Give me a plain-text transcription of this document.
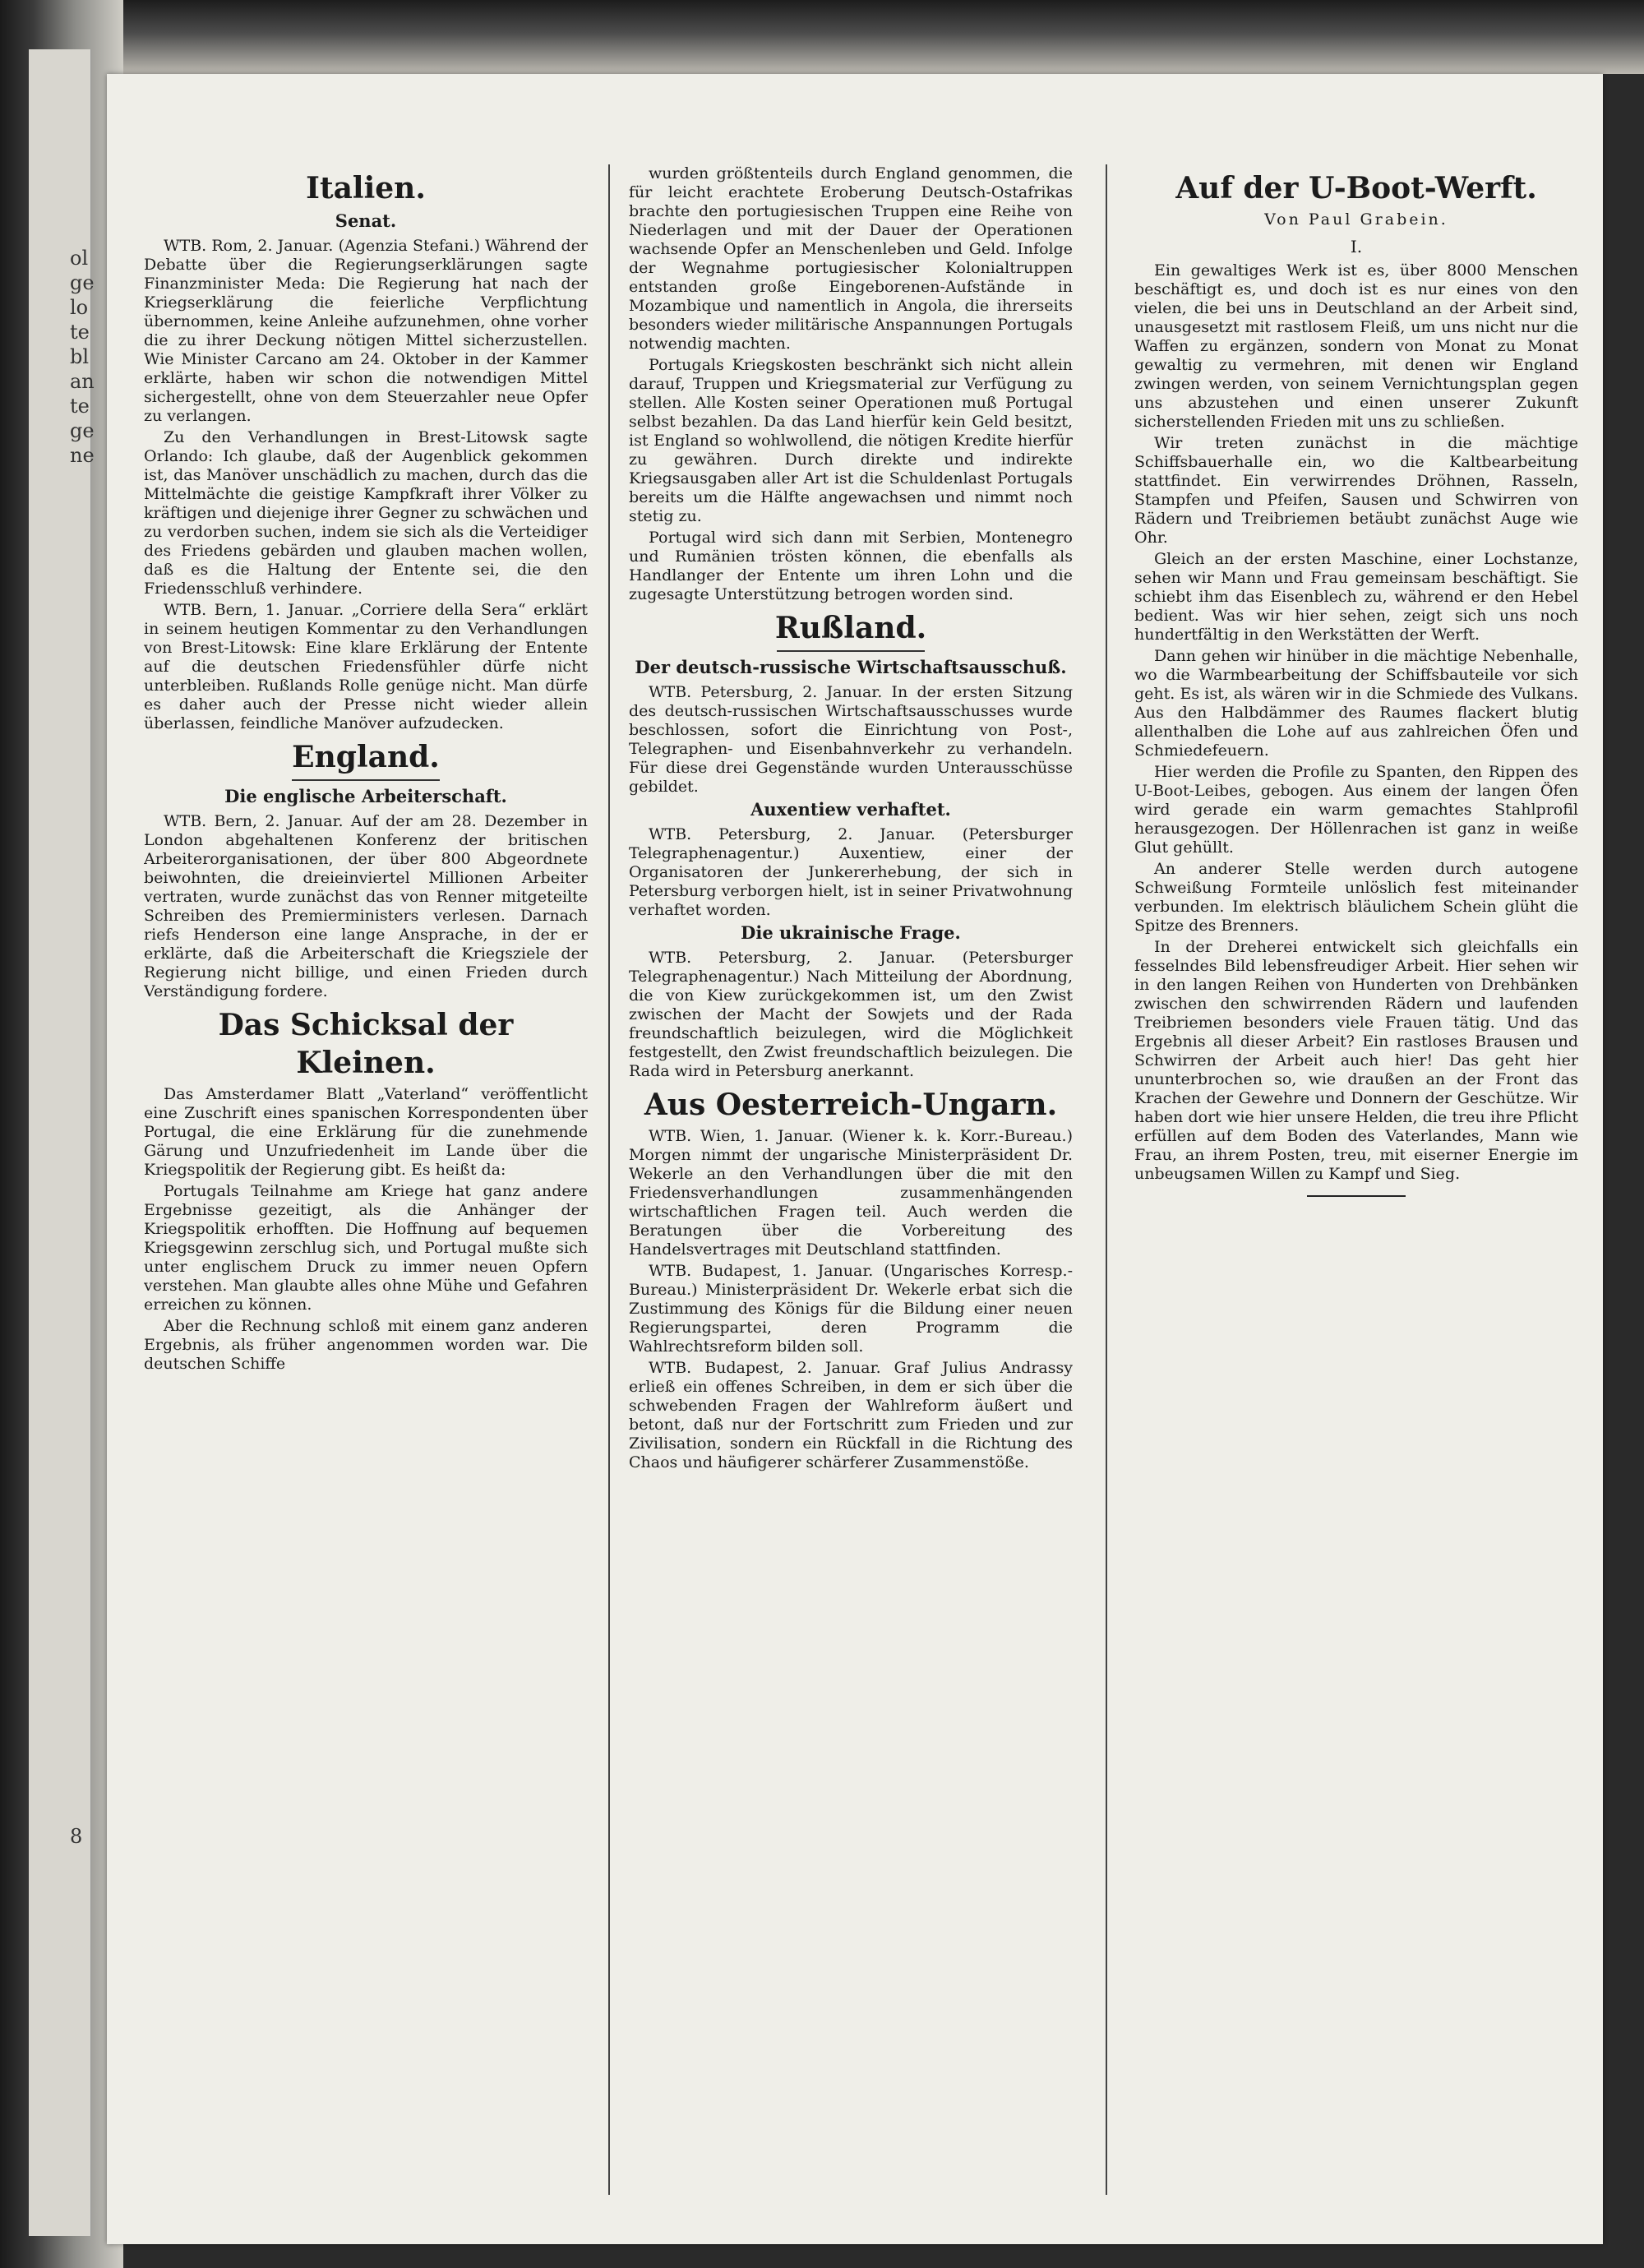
ol
ge
lo
te
bl
an
te
ge
ne
8
Italien.
Senat.

WTB. Rom, 2. Januar. (Agenzia Stefani.) Während der Debatte über die Regierungserklärungen sagte Finanzminister Meda: Die Regierung hat nach der Kriegserklärung die feierliche Verpflichtung übernommen, keine Anleihe aufzunehmen, ohne vorher die zu ihrer Deckung nötigen Mittel sicherzustellen. Wie Minister Carcano am 24. Oktober in der Kammer erklärte, haben wir schon die notwendigen Mittel sichergestellt, ohne von dem Steuerzahler neue Opfer zu verlangen.

Zu den Verhandlungen in Brest-Litowsk sagte Orlando: Ich glaube, daß der Augenblick gekommen ist, das Manöver unschädlich zu machen, durch das die Mittelmächte die geistige Kampfkraft ihrer Völker zu kräftigen und diejenige ihrer Gegner zu schwächen und zu verdorben suchen, indem sie sich als die Verteidiger des Friedens gebärden und glauben machen wollen, daß es die Haltung der Entente sei, die den Friedensschluß verhindere.

WTB. Bern, 1. Januar. „Corriere della Sera“ erklärt in seinem heutigen Kommentar zu den Verhandlungen von Brest-Litowsk: Eine klare Erklärung der Entente auf die deutschen Friedensfühler dürfe nicht unterbleiben. Rußlands Rolle genüge nicht. Man dürfe es daher auch der Presse nicht wieder allein überlassen, feindliche Manöver aufzudecken.

England.
Die englische Arbeiterschaft.

WTB. Bern, 2. Januar. Auf der am 28. Dezember in London abgehaltenen Konferenz der britischen Arbeiterorganisationen, der über 800 Abgeordnete beiwohnten, die dreieinviertel Millionen Arbeiter vertraten, wurde zunächst das von Renner mitgeteilte Schreiben des Premierministers verlesen. Darnach riefs Henderson eine lange Ansprache, in der er erklärte, daß die Arbeiterschaft die Kriegsziele der Regierung nicht billige, und einen Frieden durch Verständigung fordere.

Das Schicksal der Kleinen.

Das Amsterdamer Blatt „Vaterland“ veröffentlicht eine Zuschrift eines spanischen Korrespondenten über Portugal, die eine Erklärung für die zunehmende Gärung und Unzufriedenheit im Lande über die Kriegspolitik der Regierung gibt. Es heißt da:

Portugals Teilnahme am Kriege hat ganz andere Ergebnisse gezeitigt, als die Anhänger der Kriegspolitik erhofften. Die Hoffnung auf bequemen Kriegsgewinn zerschlug sich, und Portugal mußte sich unter englischem Druck zu immer neuen Opfern verstehen. Man glaubte alles ohne Mühe und Gefahren erreichen zu können.

Aber die Rechnung schloß mit einem ganz anderen Ergebnis, als früher angenommen worden war. Die deutschen Schiffe

wurden größtenteils durch England genommen, die für leicht erachtete Eroberung Deutsch-Ostafrikas brachte den portugiesischen Truppen eine Reihe von Niederlagen und mit der Dauer der Operationen wachsende Opfer an Menschenleben und Geld. Infolge der Wegnahme portugiesischer Kolonialtruppen entstanden große Eingeborenen-Aufstände in Mozambique und namentlich in Angola, die ihrerseits besonders wieder militärische Anspannungen Portugals notwendig machten.

Portugals Kriegskosten beschränkt sich nicht allein darauf, Truppen und Kriegsmaterial zur Verfügung zu stellen. Alle Kosten seiner Operationen muß Portugal selbst bezahlen. Da das Land hierfür kein Geld besitzt, ist England so wohlwollend, die nötigen Kredite hierfür zu gewähren. Durch direkte und indirekte Kriegsausgaben aller Art ist die Schuldenlast Portugals bereits um die Hälfte angewachsen und nimmt noch stetig zu.

Portugal wird sich dann mit Serbien, Montenegro und Rumänien trösten können, die ebenfalls als Handlanger der Entente um ihren Lohn und die zugesagte Unterstützung betrogen worden sind.

Rußland.
Der deutsch-russische Wirtschaftsausschuß.

WTB. Petersburg, 2. Januar. In der ersten Sitzung des deutsch-russischen Wirtschaftsausschusses wurde beschlossen, sofort die Einrichtung von Post-, Telegraphen- und Eisenbahnverkehr zu verhandeln. Für diese drei Gegenstände wurden Unterausschüsse gebildet.

Auxentiew verhaftet.

WTB. Petersburg, 2. Januar. (Petersburger Telegraphenagentur.) Auxentiew, einer der Organisatoren der Junkererhebung, der sich in Petersburg verborgen hielt, ist in seiner Privatwohnung verhaftet worden.

Die ukrainische Frage.

WTB. Petersburg, 2. Januar. (Petersburger Telegraphenagentur.) Nach Mitteilung der Abordnung, die von Kiew zurückgekommen ist, um den Zwist zwischen der Macht der Sowjets und der Rada freundschaftlich beizulegen, wird die Möglichkeit festgestellt, den Zwist freundschaftlich beizulegen. Die Rada wird in Petersburg anerkannt.

Aus Oesterreich-Ungarn.

WTB. Wien, 1. Januar. (Wiener k. k. Korr.-Bureau.) Morgen nimmt der ungarische Ministerpräsident Dr. Wekerle an den Verhandlungen über die mit den Friedensverhandlungen zusammenhängenden wirtschaftlichen Fragen teil. Auch werden die Beratungen über die Vorbereitung des Handelsvertrages mit Deutschland stattfinden.

WTB. Budapest, 1. Januar. (Ungarisches Korresp.-Bureau.) Ministerpräsident Dr. Wekerle erbat sich die Zustimmung des Königs für die Bildung einer neuen Regierungspartei, deren Programm die Wahlrechtsreform bilden soll.

WTB. Budapest, 2. Januar. Graf Julius Andrassy erließ ein offenes Schreiben, in dem er sich über die schwebenden Fragen der Wahlreform äußert und betont, daß nur der Fortschritt zum Frieden und zur Zivilisation, sondern ein Rückfall in die Richtung des Chaos und häufigerer schärferer Zusammenstöße.

Auf der U-Boot-Werft.
Von Paul Grabein.
I.

Ein gewaltiges Werk ist es, über 8000 Menschen beschäftigt es, und doch ist es nur eines von den vielen, die bei uns in Deutschland an der Arbeit sind, unausgesetzt mit rastlosem Fleiß, um uns nicht nur die Waffen zu ergänzen, sondern von Monat zu Monat gewaltig zu vermehren, mit denen wir England zwingen werden, von seinem Vernichtungsplan gegen uns abzustehen und einen unserer Zukunft sicherstellenden Frieden mit uns zu schließen.

Wir treten zunächst in die mächtige Schiffsbauerhalle ein, wo die Kaltbearbeitung stattfindet. Ein verwirrendes Dröhnen, Rasseln, Stampfen und Pfeifen, Sausen und Schwirren von Rädern und Treibriemen betäubt zunächst Auge wie Ohr.

Gleich an der ersten Maschine, einer Lochstanze, sehen wir Mann und Frau gemeinsam beschäftigt. Sie schiebt ihm das Eisenblech zu, während er den Hebel bedient. Was wir hier sehen, zeigt sich uns noch hundertfältig in den Werkstätten der Werft.

Dann gehen wir hinüber in die mächtige Nebenhalle, wo die Warmbearbeitung der Schiffsbauteile vor sich geht. Es ist, als wären wir in die Schmiede des Vulkans. Aus den Halbdämmer des Raumes flackert blutig allenthalben die Lohe auf aus zahlreichen Öfen und Schmiedefeuern.

Hier werden die Profile zu Spanten, den Rippen des U-Boot-Leibes, gebogen. Aus einem der langen Öfen wird gerade ein warm gemachtes Stahlprofil herausgezogen. Der Höllenrachen ist ganz in weiße Glut gehüllt.

An anderer Stelle werden durch autogene Schweißung Formteile unlöslich fest miteinander verbunden. Im elektrisch bläulichem Schein glüht die Spitze des Brenners.

In der Dreherei entwickelt sich gleichfalls ein fesselndes Bild lebensfreudiger Arbeit. Hier sehen wir in den langen Reihen von Hunderten von Drehbänken zwischen den schwirrenden Rädern und laufenden Treibriemen besonders viele Frauen tätig. Und das Ergebnis all dieser Arbeit? Ein rastloses Brausen und Schwirren der Arbeit auch hier! Das geht hier ununterbrochen so, wie draußen an der Front das Krachen der Gewehre und Donnern der Geschütze. Wir haben dort wie hier unsere Helden, die treu ihre Pflicht erfüllen auf dem Boden des Vaterlandes, Mann wie Frau, an ihrem Posten, treu, mit eiserner Energie im unbeugsamen Willen zu Kampf und Sieg.
